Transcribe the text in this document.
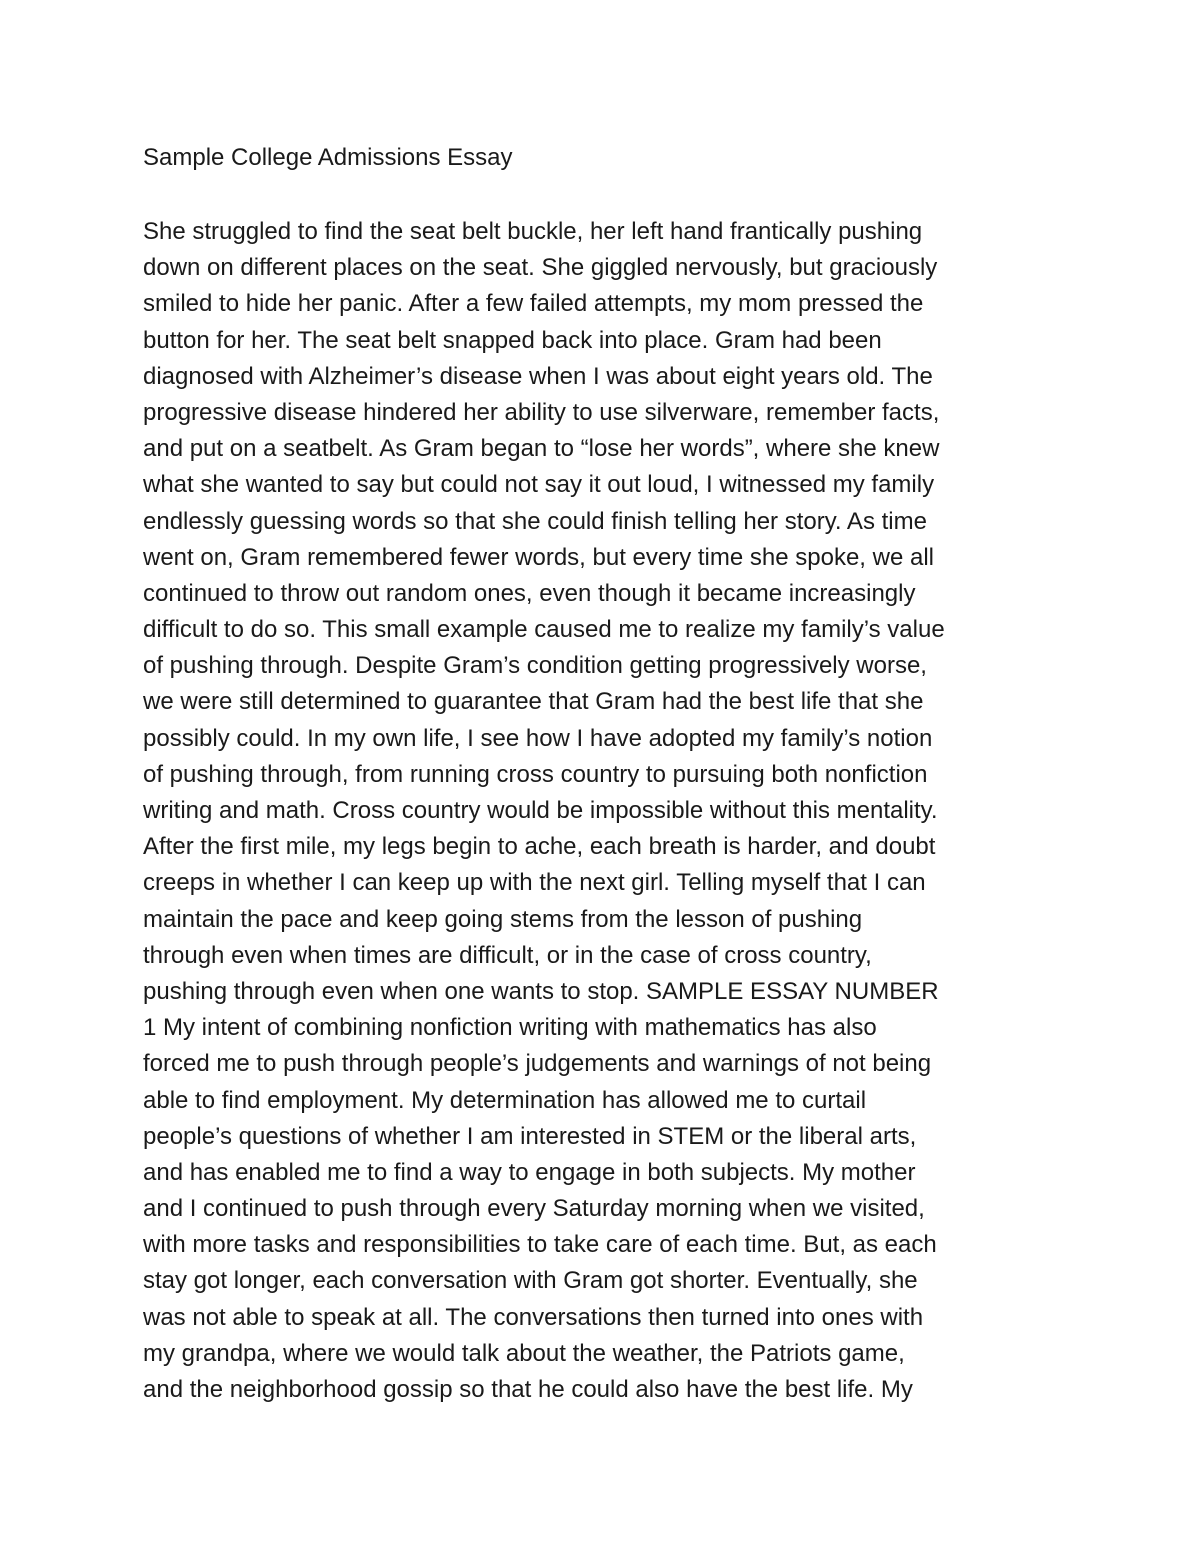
Sample College Admissions Essay
She struggled to find the seat belt buckle, her left hand frantically pushing
down on different places on the seat. She giggled nervously, but graciously
smiled to hide her panic. After a few failed attempts, my mom pressed the
button for her. The seat belt snapped back into place. Gram had been
diagnosed with Alzheimer’s disease when I was about eight years old. The
progressive disease hindered her ability to use silverware, remember facts,
and put on a seatbelt. As Gram began to “lose her words”, where she knew
what she wanted to say but could not say it out loud, I witnessed my family
endlessly guessing words so that she could finish telling her story. As time
went on, Gram remembered fewer words, but every time she spoke, we all
continued to throw out random ones, even though it became increasingly
difficult to do so. This small example caused me to realize my family’s value
of pushing through. Despite Gram’s condition getting progressively worse,
we were still determined to guarantee that Gram had the best life that she
possibly could. In my own life, I see how I have adopted my family’s notion
of pushing through, from running cross country to pursuing both nonfiction
writing and math. Cross country would be impossible without this mentality.
After the first mile, my legs begin to ache, each breath is harder, and doubt
creeps in whether I can keep up with the next girl. Telling myself that I can
maintain the pace and keep going stems from the lesson of pushing
through even when times are difficult, or in the case of cross country,
pushing through even when one wants to stop. SAMPLE ESSAY NUMBER
1 My intent of combining nonfiction writing with mathematics has also
forced me to push through people’s judgements and warnings of not being
able to find employment. My determination has allowed me to curtail
people’s questions of whether I am interested in STEM or the liberal arts,
and has enabled me to find a way to engage in both subjects. My mother
and I continued to push through every Saturday morning when we visited,
with more tasks and responsibilities to take care of each time. But, as each
stay got longer, each conversation with Gram got shorter. Eventually, she
was not able to speak at all. The conversations then turned into ones with
my grandpa, where we would talk about the weather, the Patriots game,
and the neighborhood gossip so that he could also have the best life. My
